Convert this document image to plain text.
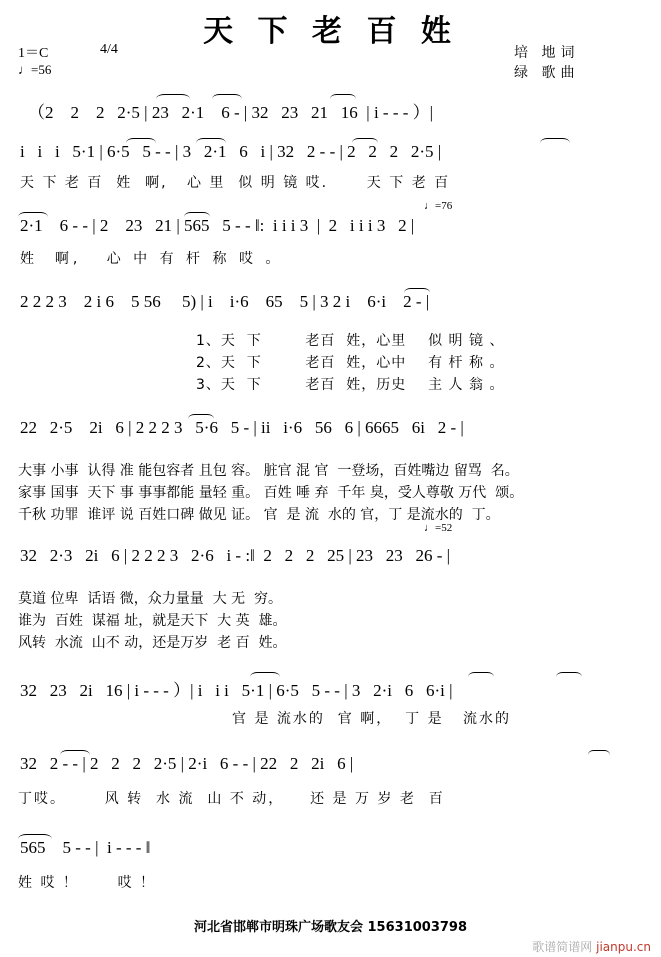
天 下 老 百 姓
1＝C	4/4
♩=56
培 地词
绿 歌曲
（2    2    2   2·5 | 23   2·1    6 - | 32   23   21   16  | i - - - ）|
i   i   i   5·1 | 6·5   5 - - | 3   2·1   6   i | 32   2 - - | 2   2   2   2·5 |
天 下 老 百  姓  啊,   心 里  似 明 镜 哎.      天 下 老 百
2·1    6 - - | 2    23   21 | 565   5 - - ‖:  i i i 3  |  2   i i i 3   2 |
♩=76
姓  啊,   心 中 有 杆 称 哎 。
2 2 2 3    2 i 6    5 56     5) | i    i·6    65    5 | 3 2 i    6·i    2 - |
1、天  下        老百  姓，心里    似 明 镜 、
2、天  下        老百  姓，心中    有 杆 称 。
3、天  下        老百  姓，历史    主 人 翁 。
22   2·5    2i   6 | 2 2 2 3   5·6   5 - | ii   i·6   56   6 | 6665   6i   2 - |
大事 小事  认得 准 能包容者 且包 容。 脏官 混 官  一登场，百姓嘴边 留骂  名。
家事 国事  天下 事 事事都能 量轻 重。 百姓 唾 弃  千年 臭，受人尊敬 万代  颂。
千秋 功罪  谁评 说 百姓口碑 做见 证。 官  是 流  水的 官，丁 是流水的  丁。
♩=52
32   2·3   2i   6 | 2 2 2 3   2·6   i - :‖  2   2   2   25 | 23   23   26 - |
莫道 位卑  话语 微，众力量量  大 无  穷。
谁为  百姓  谋福 址，就是天下  大 英  雄。
风转  水流  山不 动，还是万岁  老 百  姓。
32   23   2i   16 | i - - - ）| i   i i   5·1 | 6·5   5 - - | 3   2·i   6   6·i |
官 是 流水的  官 啊，  丁 是   流水的
32   2 - - | 2   2   2   2·5 | 2·i   6 - - | 22   2   2i   6 |
丁哎。      风 转  水 流  山 不 动，    还 是 万 岁 老  百
565    5 - - |  i - - - ‖
姓 哎 ！      哎 ！
河北省邯郸市明珠广场歌友会 15631003798
歌谱简谱网 jianpu.cn
